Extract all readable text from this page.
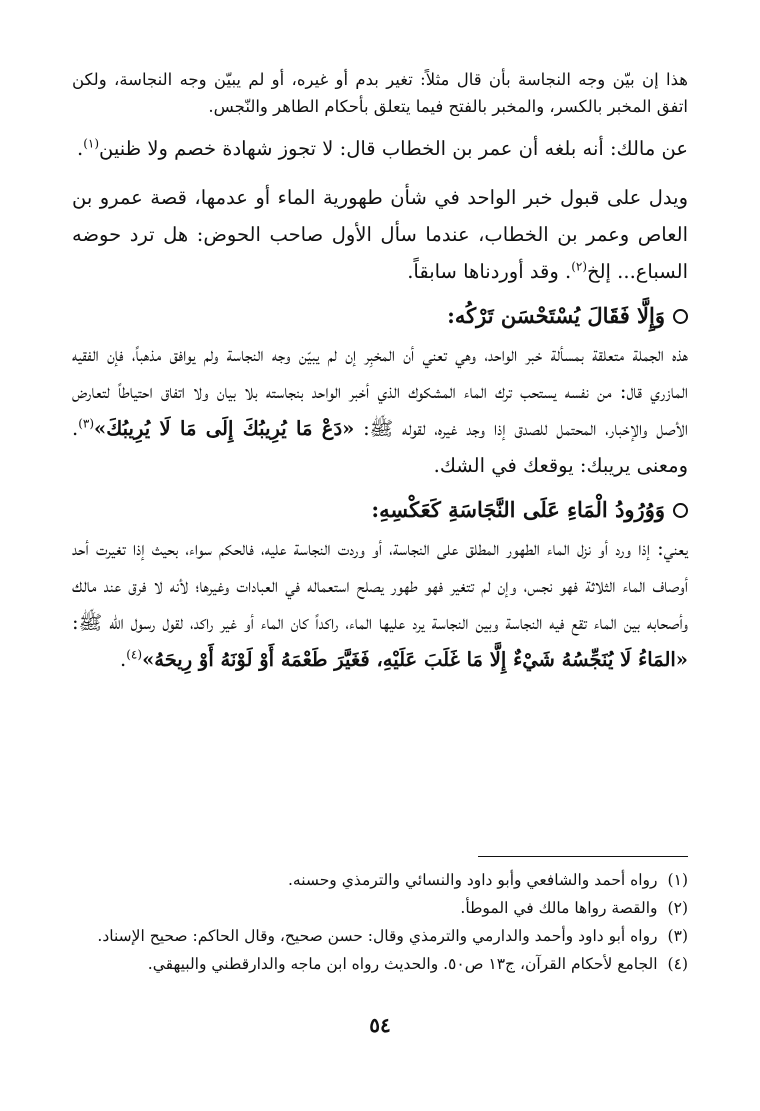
هذا إن بيّن وجه النجاسة بأن قال مثلاً: تغير بدم أو غيره، أو لم يبيّن وجه النجاسة، ولكن اتفق المخبر بالكسر، والمخبر بالفتح فيما يتعلق بأحكام الطاهر والنّجس.

عن مالك: أنه بلغه أن عمر بن الخطاب قال: لا تجوز شهادة خصم ولا ظنين$^{(١)}$.

ويدل على قبول خبر الواحد في شأن طهورية الماء أو عدمها، قصة عمرو بن العاص وعمر بن الخطاب، عندما سأل الأول صاحب الحوض: هل ترد حوضه السباع... إلخ$^{(٢)}$. وقد أوردناها سابقاً.

وَإِلَّا فَقَالَ يُسْتَحْسَن تَرْكُه:

هذه الجملة متعلقة بمسألة خبر الواحد، وهي تعني أن المخبِر إن لم يبيّن وجه النجاسة ولم يوافق مذهباً، فإن الفقيه المازري قال: من نفسه يستحب ترك الماء المشكوك الذي أخبر الواحد بنجاسته بلا بيان ولا اتفاق احتياطاً لتعارض الأصل والإخبار، المحتمل للصدق إذا وجد غيره، لقوله ﷺ: «دَعْ مَا يُرِيبُكَ إِلَى مَا لَا يُرِيبُكَ»$^{(٣)}$. ومعنى يريبك: يوقعك في الشك.

وَوُرُودُ الْمَاءِ عَلَى النَّجَاسَةِ كَعَكْسِهِ:

يعني: إذا ورد أو نزل الماء الطهور المطلق على النجاسة، أو وردت النجاسة عليه، فالحكم سواء، بحيث إذا تغيرت أحد أوصاف الماء الثلاثة فهو نجس، وإن لم تتغير فهو طهور يصلح استعماله في العبادات وغيرها؛ لأنه لا فرق عند مالك وأصحابه بين الماء تقع فيه النجاسة وبين النجاسة يرد عليها الماء، راكداً كان الماء أو غير راكد، لقول رسول الله ﷺ: «المَاءُ لَا يُنَجِّسُهُ شَيْءٌ إِلَّا مَا غَلَبَ عَلَيْهِ، فَغَيَّرَ طَعْمَهُ أَوْ لَوْنَهُ أَوْ رِيحَهُ»$^{(٤)}$.

(١)
رواه أحمد والشافعي وأبو داود والنسائي والترمذي وحسنه.
(٢)
والقصة رواها مالك في الموطأ.
(٣)
رواه أبو داود وأحمد والدارمي والترمذي وقال: حسن صحيح، وقال الحاكم: صحيح الإسناد.
(٤)
الجامع لأحكام القرآن، ج١٣ ص٥٠. والحديث رواه ابن ماجه والدارقطني والبيهقي.
٥٤
